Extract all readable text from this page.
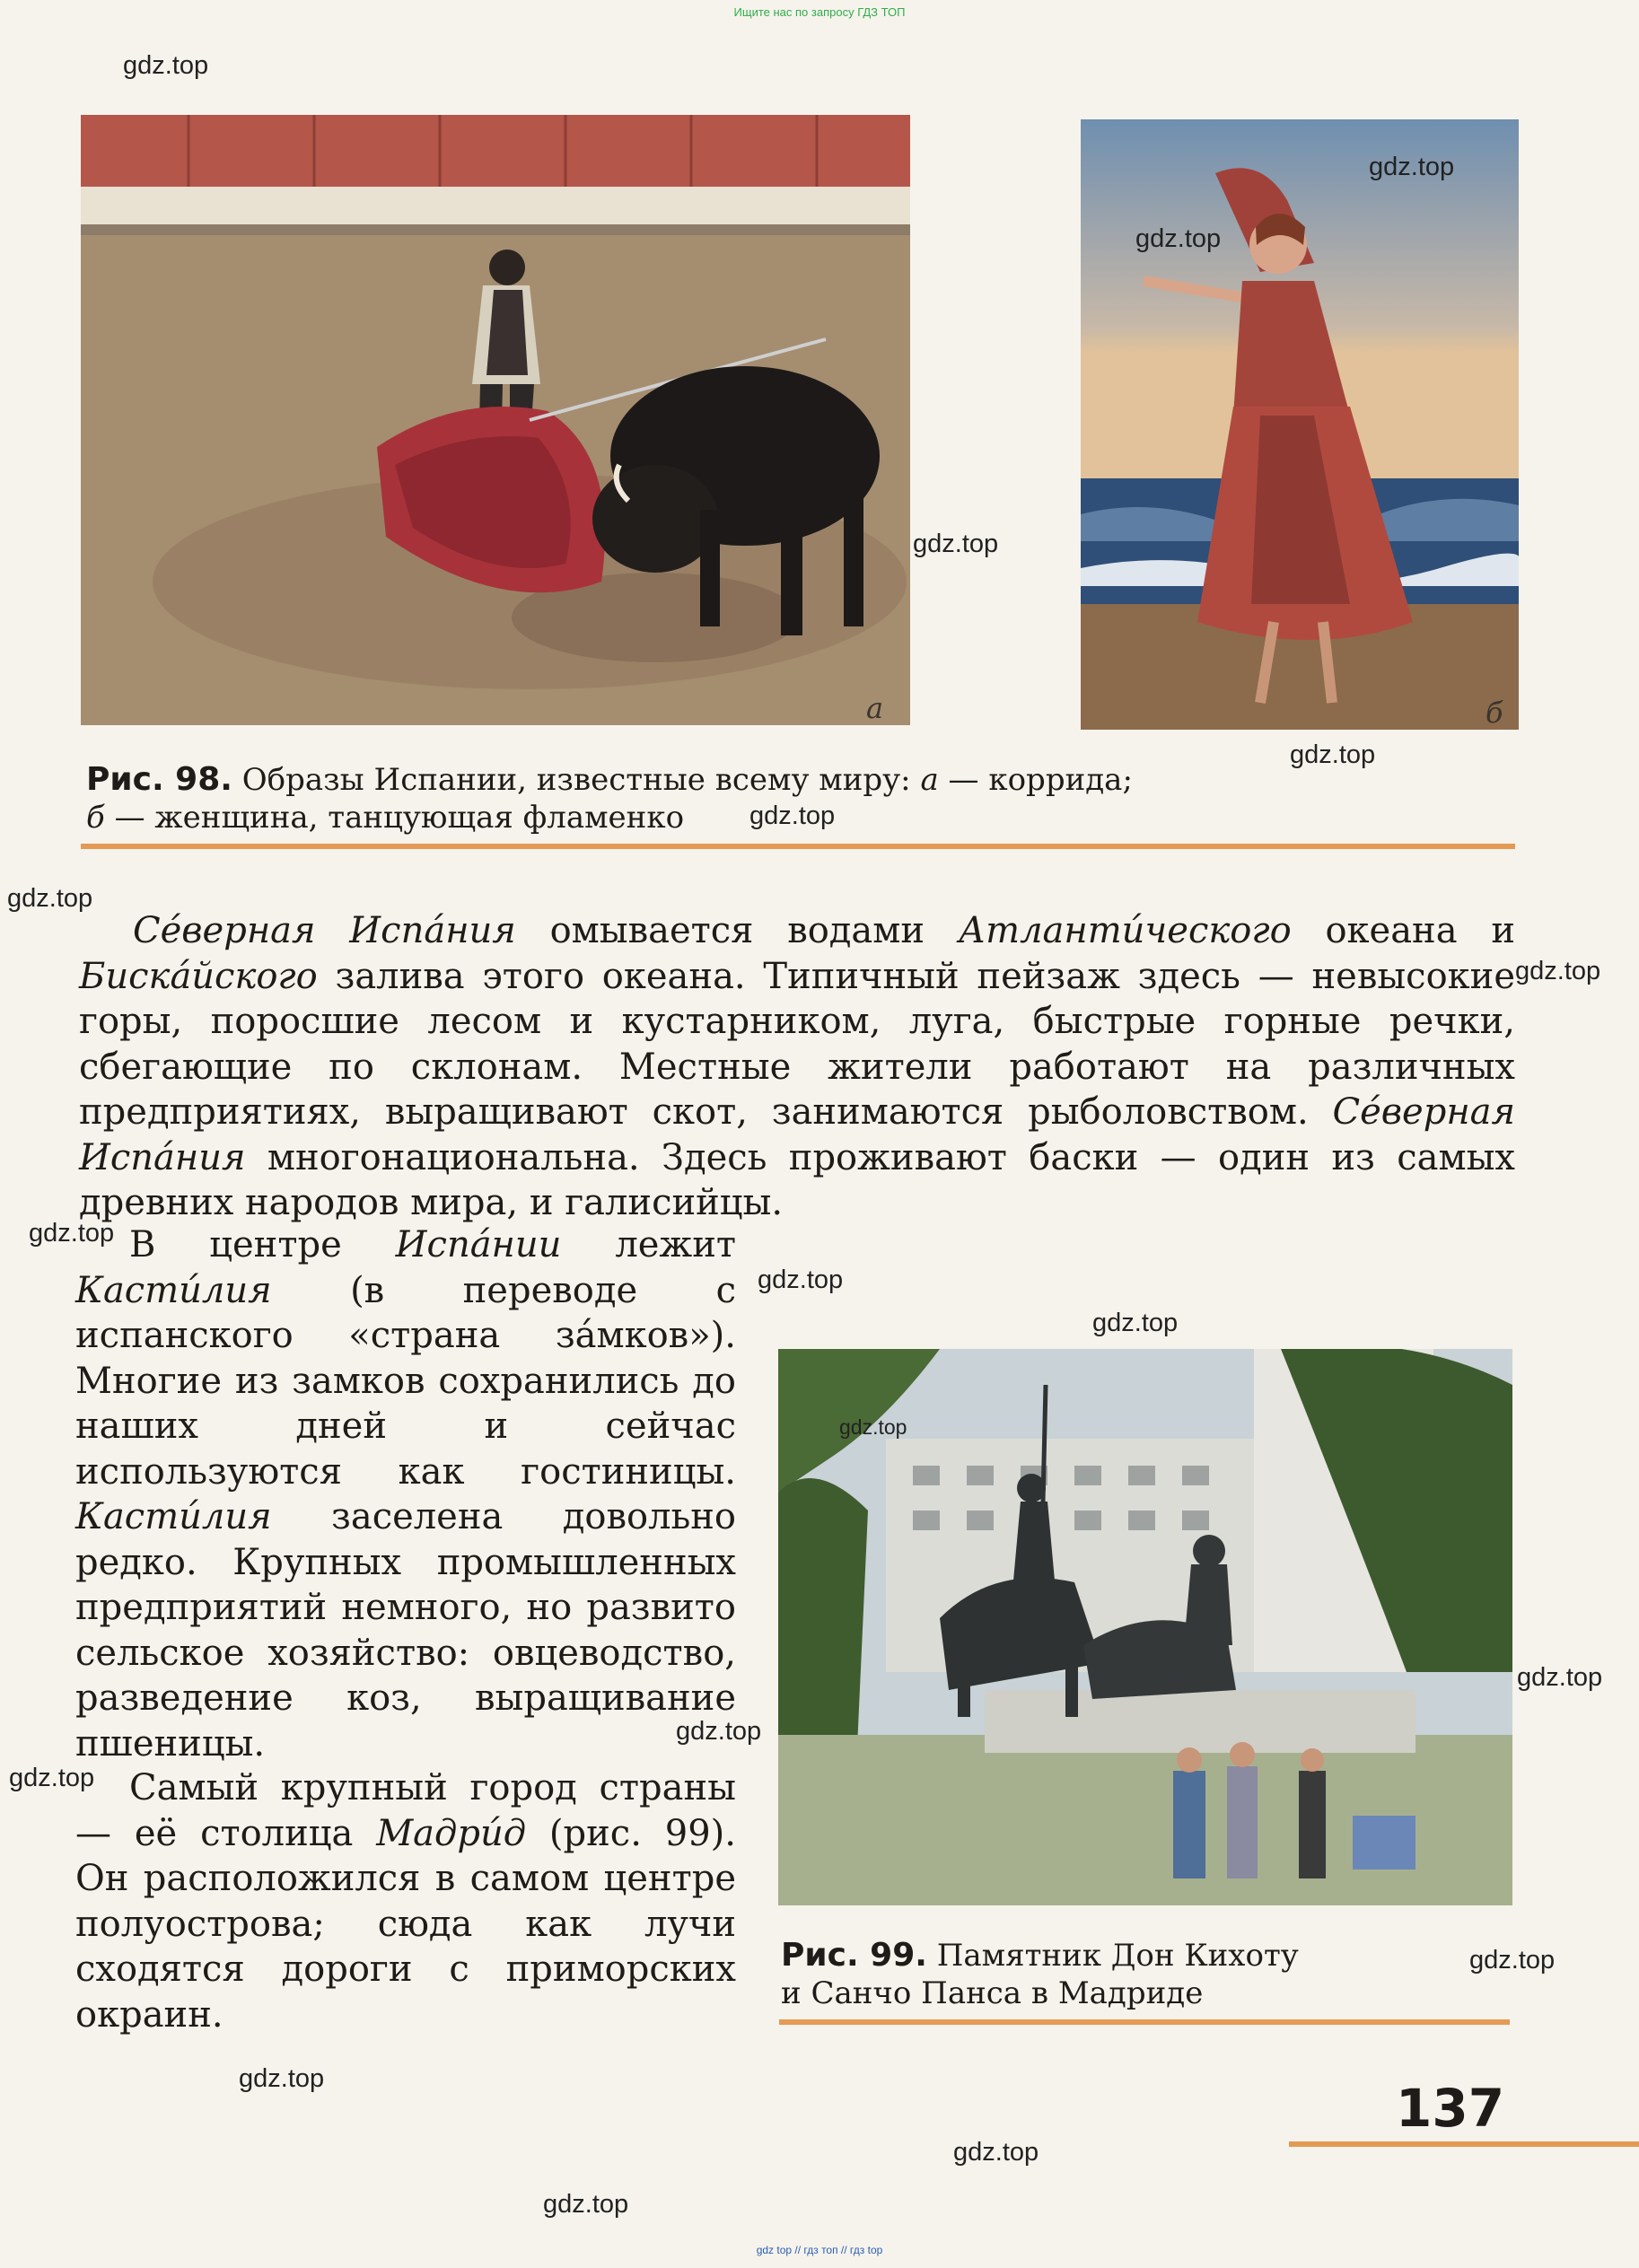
Ищите нас по запросу ГДЗ ТОП
а	б
Рис. 98. Образы Испании, известные всему миру: а — коррида;
б — женщина, танцующая фламенко
Се́верная Испа́ния омывается водами Атланти́ческого океана и Биска́йского залива этого океана. Типичный пейзаж здесь — невысокие горы, поросшие лесом и кустарником, луга, быстрые горные речки, сбегающие по склонам. Местные жители работают на различных предприятиях, выращивают скот, занимаются рыболовством. Се́верная Испа́ния многонациональна. Здесь проживают баски — один из самых древних народов мира, и галисийцы.
В центре Испа́нии лежит Касти́лия (в переводе с испанского «страна за́мков»). Многие из замков сохранились до наших дней и сейчас используются как гостиницы. Касти́лия заселена довольно редко. Крупных промышленных предприятий немного, но развито сельское хозяйство: овцеводство, разведение коз, выращивание пшеницы.
Самый крупный город страны — её столица Мадри́д (рис. 99). Он расположился в самом центре полуострова; сюда как лучи сходятся дороги с приморских окраин.
Рис. 99. Памятник Дон Кихоту
и Санчо Панса в Мадриде
137
gdz.top
gdz.top
gdz.top
gdz.top
gdz.top
gdz.top
gdz.top
gdz.top
gdz.top
gdz.top
gdz.top
gdz.top
gdz.top
gdz.top
gdz.top
gdz.top
gdz.top
gdz.top
gdz.top
gdz top // гдз топ // гдз top
